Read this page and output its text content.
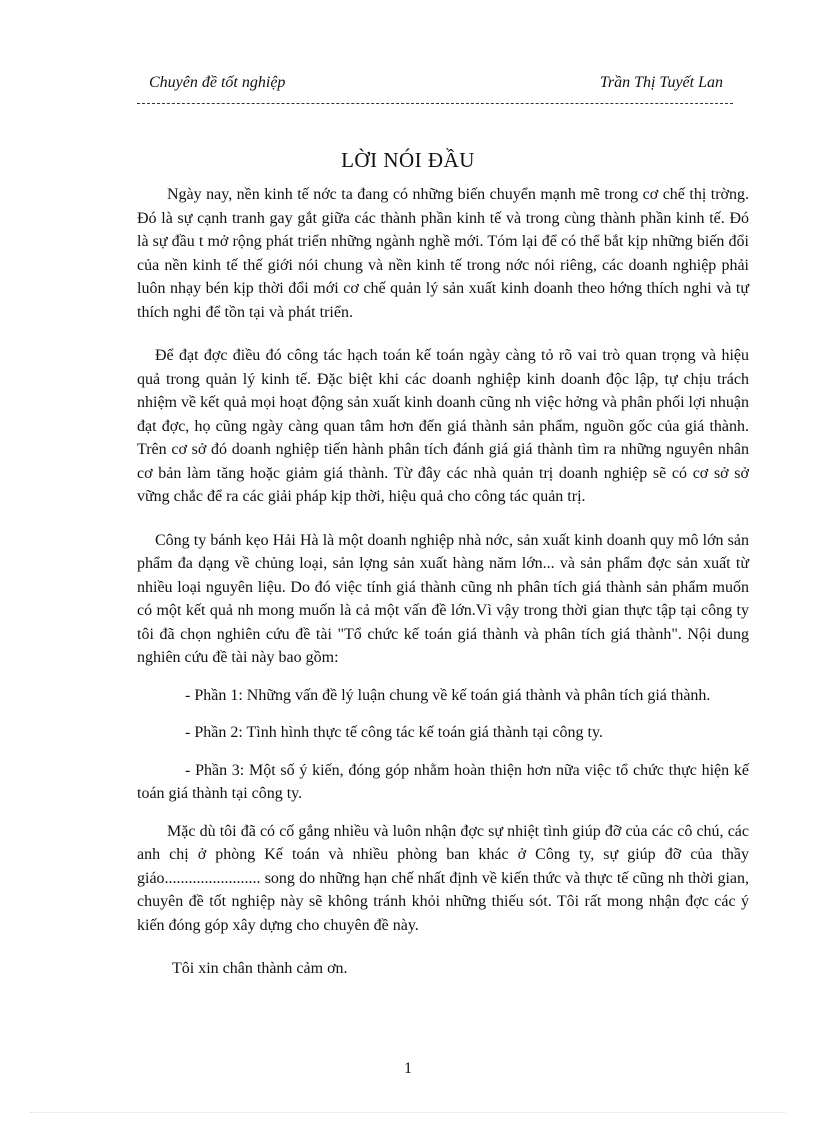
Chuyên đề tốt nghiệp	Trần Thị Tuyết Lan
LỜI NÓI ĐẦU

Ngày nay, nền kinh tế nớc ta đang có những biến chuyển mạnh mẽ trong cơ chế thị trờng. Đó là sự cạnh tranh gay gắt giữa các thành phần kinh tế và trong cùng thành phần kinh tế. Đó là sự đầu t mở rộng phát triển những ngành nghề mới. Tóm lại để có thể bắt kịp những biến đổi của nền kinh tế thế giới nói chung và nền kinh tế trong nớc nói riêng, các doanh nghiệp phải luôn nhạy bén kịp thời đổi mới cơ chế quản lý sản xuất kinh doanh theo hớng thích nghi và tự thích nghi để tồn tại và phát triển.

Để đạt đợc điều đó công tác hạch toán kế toán ngày càng tỏ rõ vai trò quan trọng và hiệu quả trong quản lý kinh tế. Đặc biệt khi các doanh nghiệp kinh doanh độc lập, tự chịu trách nhiệm về kết quả mọi hoạt động sản xuất kinh doanh cũng nh việc hởng và phân phối lợi nhuận đạt đợc, họ cũng ngày càng quan tâm hơn đến giá thành sản phẩm, nguồn gốc của giá thành. Trên cơ sở đó doanh nghiệp tiến hành phân tích đánh giá giá thành tìm ra những nguyên nhân cơ bản làm tăng hoặc giảm giá thành. Từ đây các nhà quản trị doanh nghiệp sẽ có cơ sở sở vững chắc để ra các giải pháp kịp thời, hiệu quả cho công tác quản trị.

Công ty bánh kẹo Hải Hà là một doanh nghiệp nhà nớc, sản xuất kinh doanh quy mô lớn sản phẩm đa dạng về chủng loại, sản lợng sản xuất hàng năm lớn... và sản phẩm đợc sản xuất từ nhiều loại nguyên liệu. Do đó việc tính giá thành cũng nh phân tích giá thành sản phẩm muốn có một kết quả nh mong muốn là cả một vấn đề lớn.Vì vậy trong thời gian thực tập tại công ty tôi đã chọn nghiên cứu đề tài "Tổ chức kế toán giá thành và phân tích giá thành". Nội dung nghiên cứu đề tài này bao gồm:

- Phần 1: Những vấn đề lý luận chung về kế toán giá thành và phân tích giá thành.

- Phần 2: Tình hình thực tế công tác kế toán giá thành tại công ty.

- Phần 3: Một số ý kiến, đóng góp nhằm hoàn thiện hơn nữa việc tổ chức thực hiện kế toán giá thành tại công ty.

Mặc dù tôi đã có cố gắng nhiều và luôn nhận đợc sự nhiệt tình giúp đỡ của các cô chú, các anh chị ở phòng Kế toán và nhiều phòng ban khác ở Công ty, sự giúp đỡ của thầy giáo........................ song do những hạn chế nhất định về kiến thức và thực tế cũng nh thời gian, chuyên đề tốt nghiệp này sẽ không tránh khỏi những thiếu sót. Tôi rất mong nhận đợc các ý kiến đóng góp xây dựng cho chuyên đề này.

Tôi xin chân thành cảm ơn.

1
